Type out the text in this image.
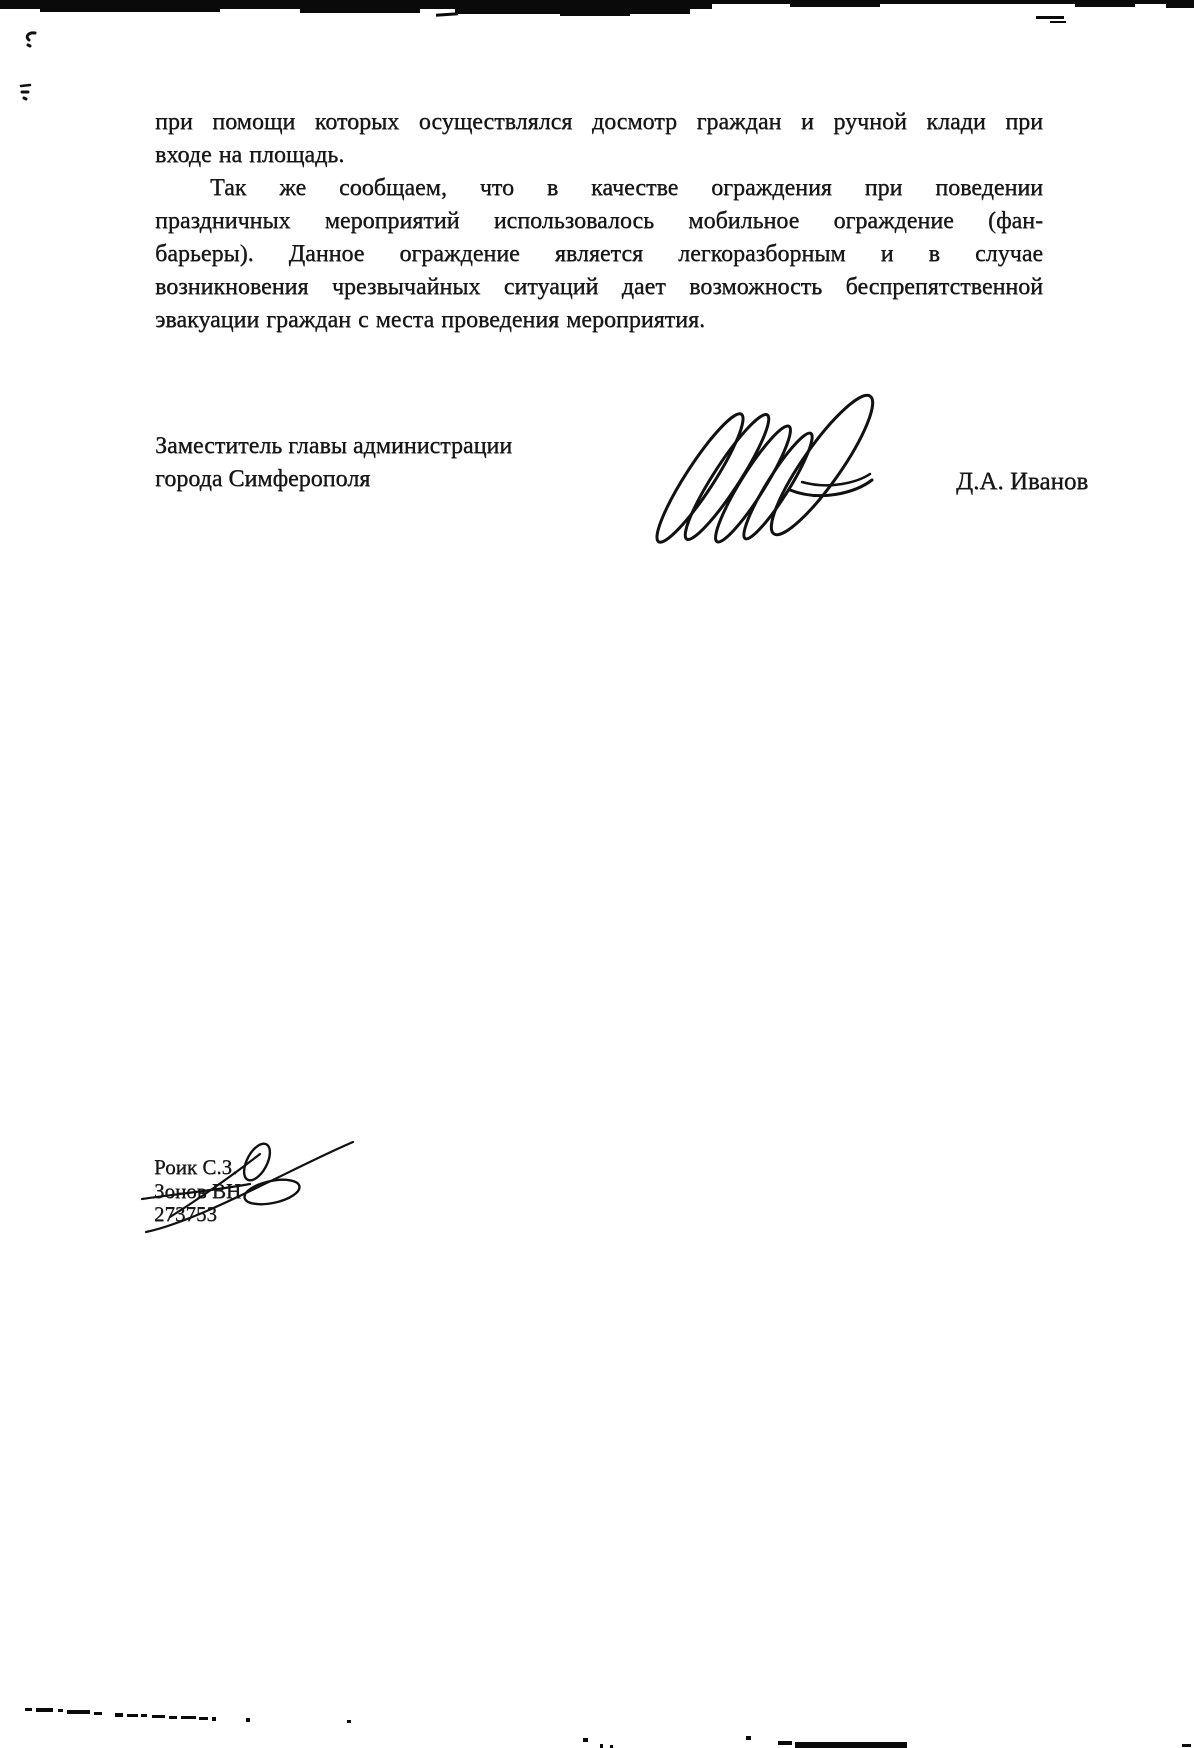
при помощи которых осуществлялся досмотр граждан и ручной клади при
входе на площадь.
Так же сообщаем, что в качестве ограждения при поведении
праздничных мероприятий использовалось мобильное ограждение (фан-
барьеры). Данное ограждение является легкоразборным и в случае
возникновения чрезвычайных ситуаций дает возможность беспрепятственной
эвакуации граждан с места проведения мероприятия.
Заместитель главы администрации
города Симферополя	Д.А. Иванов
Роик С.З.
Зонов ВН
273753
